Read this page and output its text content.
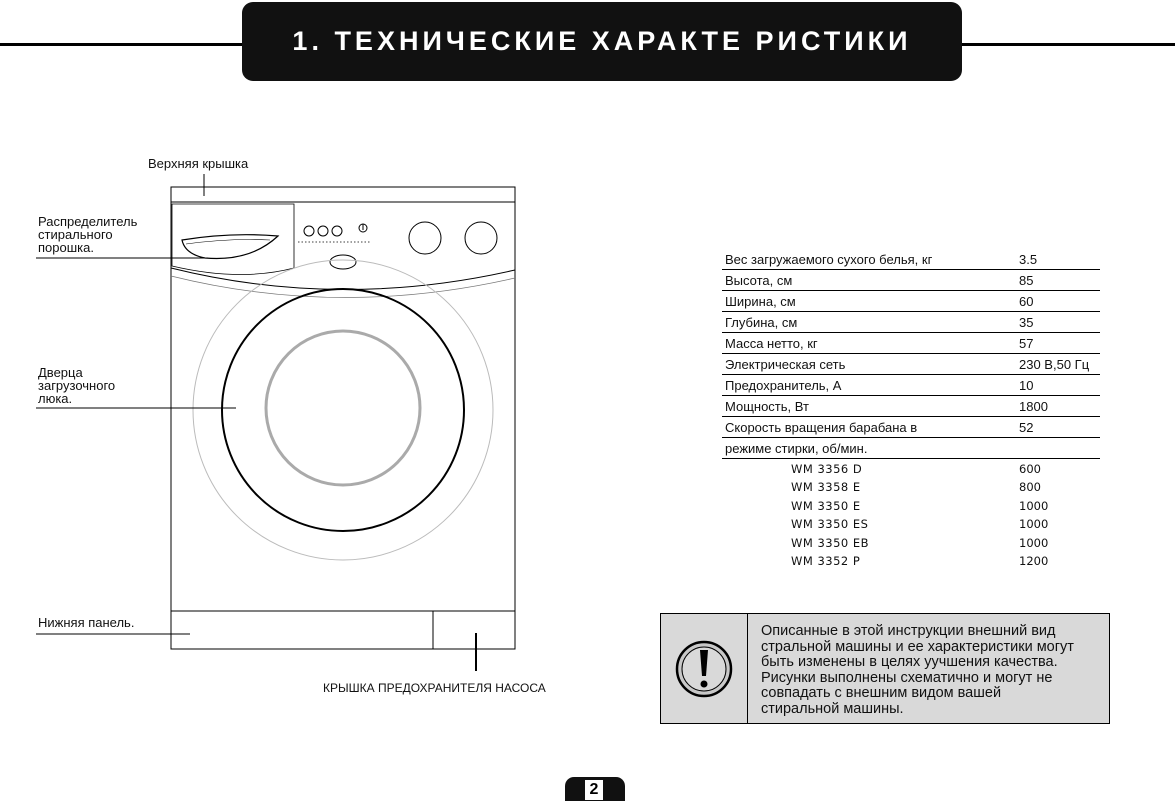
1. ТЕХНИЧЕСКИЕ ХАРАКТЕ РИСТИКИ
Верхняя крышка
Распределитель
стирального
порошка.
Дверца
загрузочного
люка.
Нижняя панель.
КРЫШКА ПРЕДОХРАНИТЕЛЯ НАСОСА
Вес загружаемого сухого белья, кг	3.5
Высота, см	85
Ширина, см	60
Глубина, см	35
Масса нетто, кг	57
Электрическая сеть	230 В,50 Гц
Предохранитель, А	10
Мощность, Вт	1800
Скорость вращения барабана в	52
режиме стирки, об/мин.
WM 3356 D	600
WM 3358 E	800
WM 3350 E	1000
WM 3350 ES	1000
WM 3350 EB	1000
WM 3352 P	1200
Описанные в этой инструкции внешний вид
стральной машины и ее характеристики могут
быть изменены в целях уучшения качества.
Рисунки выполнены схематично и могут не
совпадать с внешним видом вашей
стиральной машины.
2
